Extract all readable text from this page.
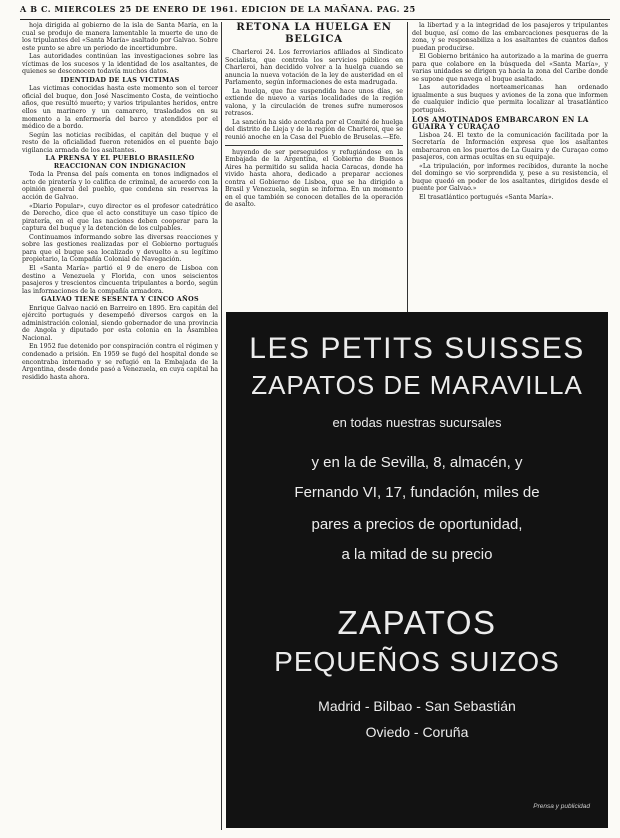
A B C. MIERCOLES 25 DE ENERO DE 1961. EDICION DE LA MAÑANA. PAG. 25

hoja dirigida al gobierno de la isla de Santa María, en la cual se produjo de manera lamentable la muerte de uno de los tripulantes del «Santa María» asaltado por Galvao. Sobre este punto se abre un periodo de incertidumbre.

Las autoridades continúan las investigaciones sobre las víctimas de los sucesos y la identidad de los asaltantes, de quienes se desconocen todavía muchos datos.

IDENTIDAD DE LAS VICTIMAS

Las victimas conocidas hasta este momento son el tercer oficial del buque, don José Nascimento Costa, de veintiocho años, que resultó muerto; y varios tripulantes heridos, entre ellos un marinero y un camarero, trasladados en su momento a la enfermería del barco y atendidos por el médico de a bordo.

Según las noticias recibidas, el capitán del buque y el resto de la oficialidad fueron retenidos en el puente bajo vigilancia armada de los asaltantes.

LA PRENSA Y EL PUEBLO BRASILEÑO REACCIONAN CON INDIGNACION

Toda la Prensa del país comenta en tonos indignados el acto de piratería y lo califica de criminal, de acuerdo con la opinión general del pueblo, que condena sin reservas la acción de Galvao.

«Diario Popular», cuyo director es el profesor catedrático de Derecho, dice que el acto constituye un caso típico de piratería, en el que las naciones deben cooperar para la captura del buque y la detención de los culpables.

Continuamos informando sobre las diversas reacciones y sobre las gestiones realizadas por el Gobierno portugués para que el buque sea localizado y devuelto a su legítimo propietario, la Compañía Colonial de Navegación.

El «Santa María» partió el 9 de enero de Lisboa con destino a Venezuela y Florida, con unos seiscientos pasajeros y trescientos cincuenta tripulantes a bordo, según las informaciones de la compañía armadora.

GALVAO TIENE SESENTA Y CINCO AÑOS

Enrique Galvao nació en Barreiro en 1895. Era capitán del ejército portugués y desempeñó diversos cargos en la administración colonial, siendo gobernador de una provincia de Angola y diputado por esta colonia en la Asamblea Nacional.

En 1952 fue detenido por conspiración contra el régimen y condenado a prisión. En 1959 se fugó del hospital donde se encontraba internado y se refugió en la Embajada de la Argentina, desde donde pasó a Venezuela, en cuya capital ha residido hasta ahora.

RETOÑA LA HUELGA EN BELGICA

Charleroi 24. Los ferroviarios afiliados al Sindicato Socialista, que controla los servicios públicos en Charleroi, han decidido volver a la huelga cuando se anuncia la nueva votación de la ley de austeridad en el Parlamento, según informaciones de esta madrugada.

La huelga, que fue suspendida hace unos días, se extiende de nuevo a varias localidades de la región valona, y la circulación de trenes sufre numerosos retrasos.

La sanción ha sido acordada por el Comité de huelga del distrito de Lieja y de la región de Charleroi, que se reunió anoche en la Casa del Pueblo de Bruselas.—Efe.

huyendo de ser perseguidos y refugiándose en la Embajada de la Argentina, el Gobierno de Buenos Aires ha permitido su salida hacia Caracas, donde ha vivido hasta ahora, dedicado a preparar acciones contra el Gobierno de Lisboa, que se ha dirigido a Brasil y Venezuela, según se informa. En un momento en el que también se conocen detalles de la operación de asalto.

la libertad y a la integridad de los pasajeros y tripulantes del buque, así como de las embarcaciones pesqueras de la zona, y se responsabiliza a los asaltantes de cuantos daños puedan producirse.

El Gobierno británico ha autorizado a la marina de guerra para que colabore en la búsqueda del «Santa María», y varias unidades se dirigen ya hacia la zona del Caribe donde se supone que navega el buque asaltado.

Las autoridades norteamericanas han ordenado igualmente a sus buques y aviones de la zona que informen de cualquier indicio que permita localizar al trasatlántico portugués.

LOS AMOTINADOS EMBARCARON EN LA GUAIRA Y CURAÇAO

Lisboa 24. El texto de la comunicación facilitada por la Secretaría de Información expresa que los asaltantes embarcaron en los puertos de La Guaira y de Curaçao como pasajeros, con armas ocultas en su equipaje.

«La tripulación, por informes recibidos, durante la noche del domingo se vio sorprendida y, pese a su resistencia, el buque quedó en poder de los asaltantes, dirigidos desde el puente por Galvao.»

El trasatlántico portugués «Santa María».

LES PETITS SUISSES
ZAPATOS DE MARAVILLA
en todas nuestras sucursales
y en la de Sevilla, 8, almacén, y
Fernando VI, 17, fundación, miles de
pares a precios de oportunidad,
a la mitad de su precio
ZAPATOS
PEQUEÑOS SUIZOS
Madrid - Bilbao - San Sebastián
Oviedo - Coruña
Prensa y publicidad
